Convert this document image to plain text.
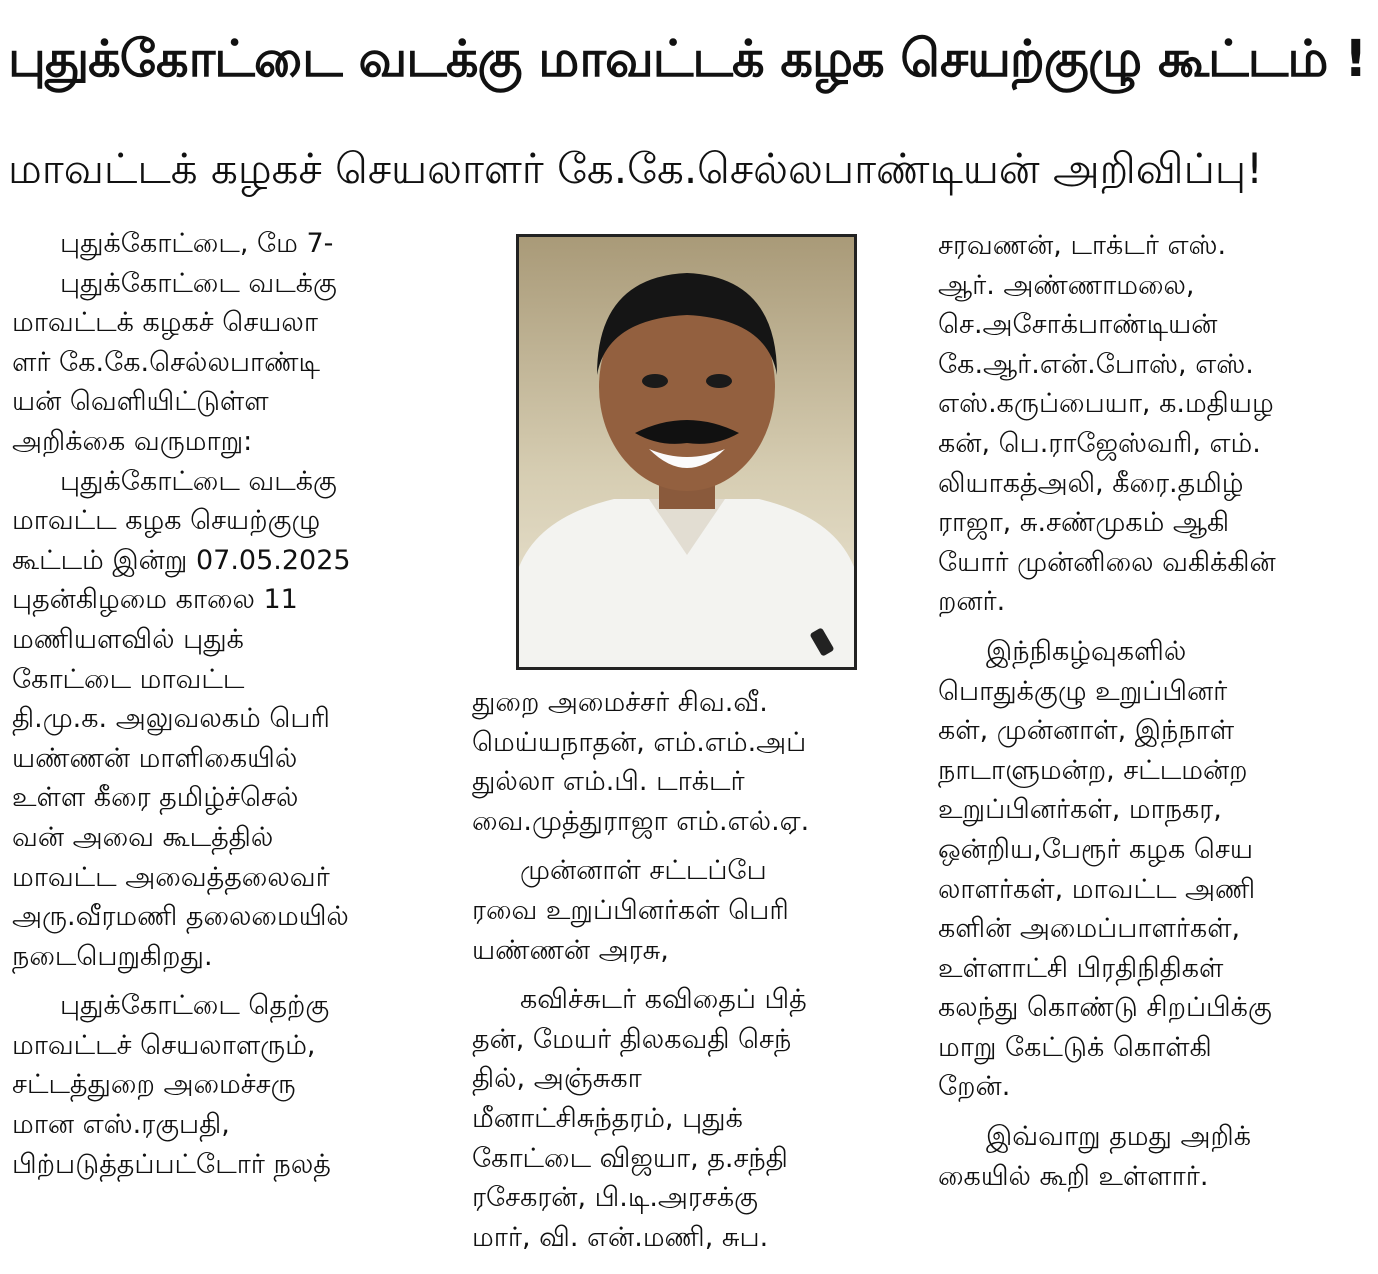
புதுக்கோட்டை வடக்கு மாவட்டக் கழக செயற்குழு கூட்டம் !
மாவட்டக் கழகச் செயலாளர் கே.கே.செல்லபாண்டியன் அறிவிப்பு!

புதுக்கோட்டை, மே 7-

புதுக்கோட்டை வடக்கு

மாவட்டக் கழகச் செயலா

ளர் கே.கே.செல்லபாண்டி

யன் வெளியிட்டுள்ள

அறிக்கை வருமாறு:

புதுக்கோட்டை வடக்கு

மாவட்ட கழக செயற்குழு

கூட்டம் இன்று 07.05.2025

புதன்கிழமை காலை 11

மணியளவில் புதுக்

கோட்டை மாவட்ட

தி.மு.க. அலுவலகம் பெரி

யண்ணன் மாளிகையில்

உள்ள கீரை தமிழ்ச்செல்

வன் அவை கூடத்தில்

மாவட்ட அவைத்தலைவர்

அரு.வீரமணி தலைமையில்

நடைபெறுகிறது.

புதுக்கோட்டை தெற்கு

மாவட்டச் செயலாளரும்,

சட்டத்துறை அமைச்சரு

மான எஸ்.ரகுபதி,

பிற்படுத்தப்பட்டோர் நலத்

துறை அமைச்சர் சிவ.வீ.

மெய்யநாதன், எம்.எம்.அப்

துல்லா எம்.பி. டாக்டர்

வை.முத்துராஜா எம்.எல்.ஏ.

முன்னாள் சட்டப்பே

ரவை உறுப்பினர்கள் பெரி

யண்ணன் அரசு,

கவிச்சுடர் கவிதைப் பித்

தன், மேயர் திலகவதி செந்

தில், அஞ்சுகா

மீனாட்சிசுந்தரம், புதுக்

கோட்டை விஜயா, த.சந்தி

ரசேகரன், பி.டி.அரசக்கு

மார், வி. என்.மணி, சுப.

சரவணன், டாக்டர் எஸ்.

ஆர். அண்ணாமலை,

செ.அசோக்பாண்டியன்

கே.ஆர்.என்.போஸ், எஸ்.

எஸ்.கருப்பையா, க.மதியழ

கன், பெ.ராஜேஸ்வரி, எம்.

லியாகத்அலி, கீரை.தமிழ்

ராஜா, சு.சண்முகம் ஆகி

யோர் முன்னிலை வகிக்கின்

றனர்.

இந்நிகழ்வுகளில்

பொதுக்குழு உறுப்பினர்

கள், முன்னாள், இந்நாள்

நாடாளுமன்ற, சட்டமன்ற

உறுப்பினர்கள், மாநகர,

ஒன்றிய,பேரூர் கழக செய

லாளர்கள், மாவட்ட அணி

களின் அமைப்பாளர்கள்,

உள்ளாட்சி பிரதிநிதிகள்

கலந்து கொண்டு சிறப்பிக்கு

மாறு கேட்டுக் கொள்கி

றேன்.

இவ்வாறு தமது அறிக்

கையில் கூறி உள்ளார்.
